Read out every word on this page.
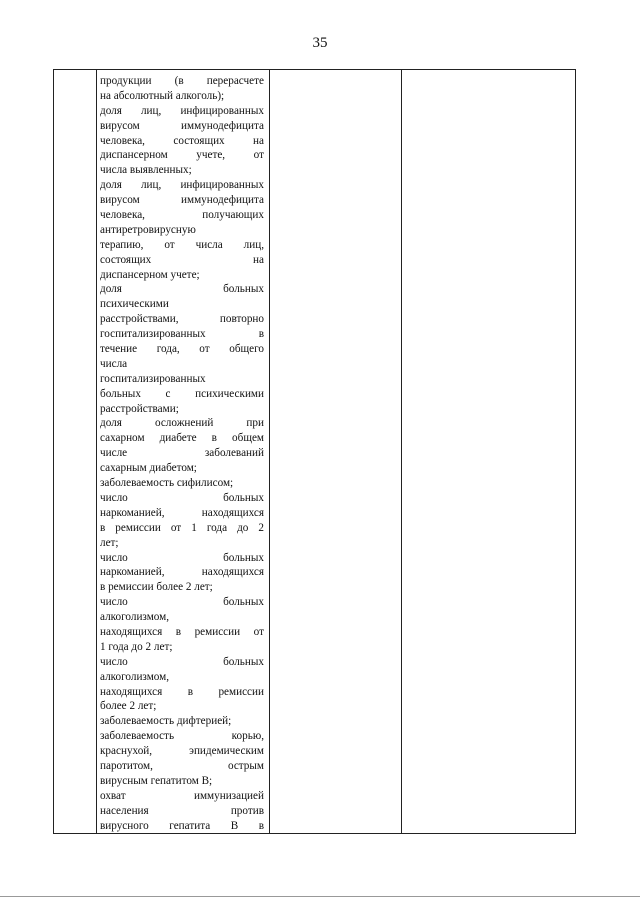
35
продукции (в перерасчете
на абсолютный алкоголь);
доля лиц, инфицированных
вирусом иммунодефицита
человека, состоящих на
диспансерном учете, от
числа выявленных;
доля лиц, инфицированных
вирусом иммунодефицита
человека, получающих
антиретровирусную
терапию, от числа лиц,
состоящих на
диспансерном учете;
доля больных
психическими
расстройствами, повторно
госпитализированных в
течение года, от общего
числа
госпитализированных
больных с психическими
расстройствами;
доля осложнений при
сахарном диабете в общем
числе заболеваний
сахарным диабетом;
заболеваемость сифилисом;
число больных
наркоманией, находящихся
в ремиссии от 1 года до 2
лет;
число больных
наркоманией, находящихся
в ремиссии более 2 лет;
число больных
алкоголизмом,
находящихся в ремиссии от
1 года до 2 лет;
число больных
алкоголизмом,
находящихся в ремиссии
более 2 лет;
заболеваемость дифтерией;
заболеваемость корью,
краснухой, эпидемическим
паротитом, острым
вирусным гепатитом В;
охват иммунизацией
населения против
вирусного гепатита В в
